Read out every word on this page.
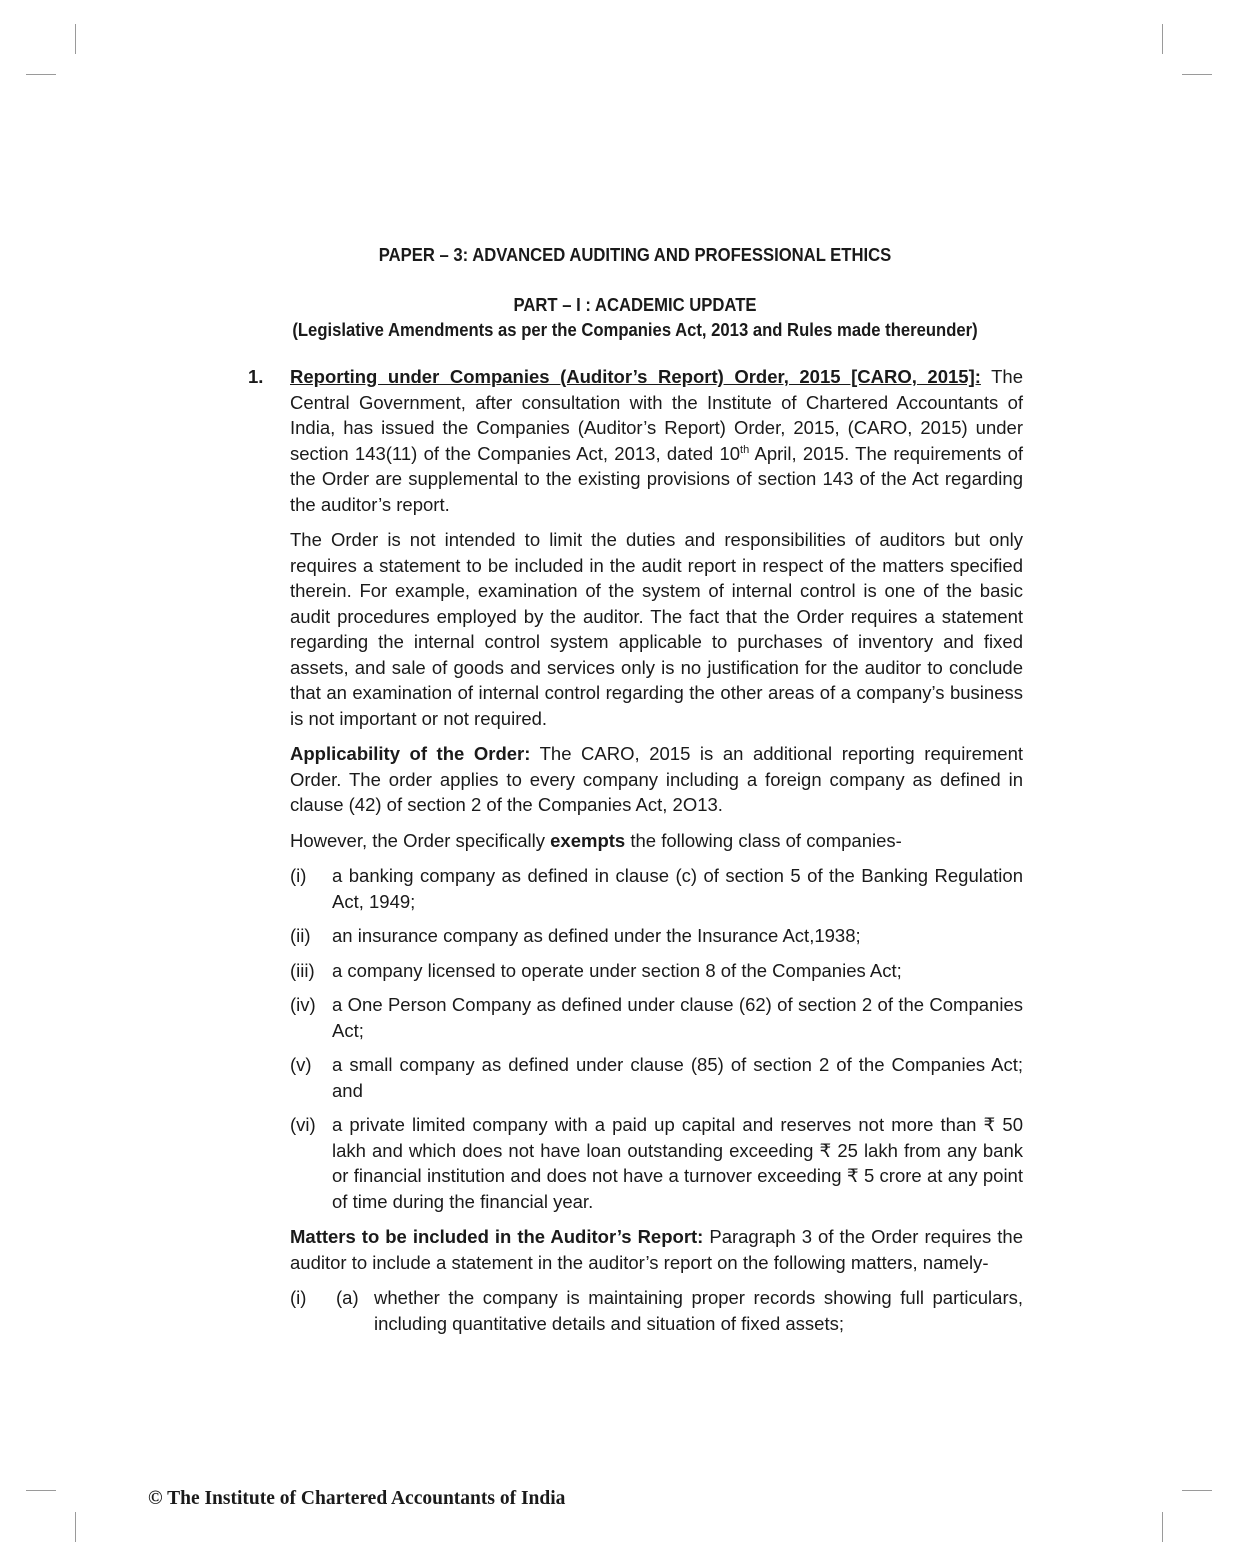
PAPER – 3: ADVANCED AUDITING AND PROFESSIONAL ETHICS
PART – I : ACADEMIC UPDATE
(Legislative Amendments as per the Companies Act, 2013 and Rules made thereunder)
1. Reporting under Companies (Auditor’s Report) Order, 2015 [CARO, 2015]: The Central Government, after consultation with the Institute of Chartered Accountants of India, has issued the Companies (Auditor’s Report) Order, 2015, (CARO, 2015) under section 143(11) of the Companies Act, 2013, dated 10th April, 2015. The requirements of the Order are supplemental to the existing provisions of section 143 of the Act regarding the auditor’s report.

The Order is not intended to limit the duties and responsibilities of auditors but only requires a statement to be included in the audit report in respect of the matters specified therein. For example, examination of the system of internal control is one of the basic audit procedures employed by the auditor. The fact that the Order requires a statement regarding the internal control system applicable to purchases of inventory and fixed assets, and sale of goods and services only is no justification for the auditor to conclude that an examination of internal control regarding the other areas of a company’s business is not important or not required.

Applicability of the Order: The CARO, 2015 is an additional reporting requirement Order. The order applies to every company including a foreign company as defined in clause (42) of section 2 of the Companies Act, 2O13.

However, the Order specifically exempts the following class of companies-

(i) a banking company as defined in clause (c) of section 5 of the Banking Regulation Act, 1949;
(ii) an insurance company as defined under the Insurance Act,1938;
(iii) a company licensed to operate under section 8 of the Companies Act;
(iv) a One Person Company as defined under clause (62) of section 2 of the Companies Act;
(v) a small company as defined under clause (85) of section 2 of the Companies Act; and
(vi) a private limited company with a paid up capital and reserves not more than ₹ 50 lakh and which does not have loan outstanding exceeding ₹ 25 lakh from any bank or financial institution and does not have a turnover exceeding ₹ 5 crore at any point of time during the financial year.

Matters to be included in the Auditor’s Report: Paragraph 3 of the Order requires the auditor to include a statement in the auditor’s report on the following matters, namely-

(i) (a) whether the company is maintaining proper records showing full particulars, including quantitative details and situation of fixed assets;
© The Institute of Chartered Accountants of India
